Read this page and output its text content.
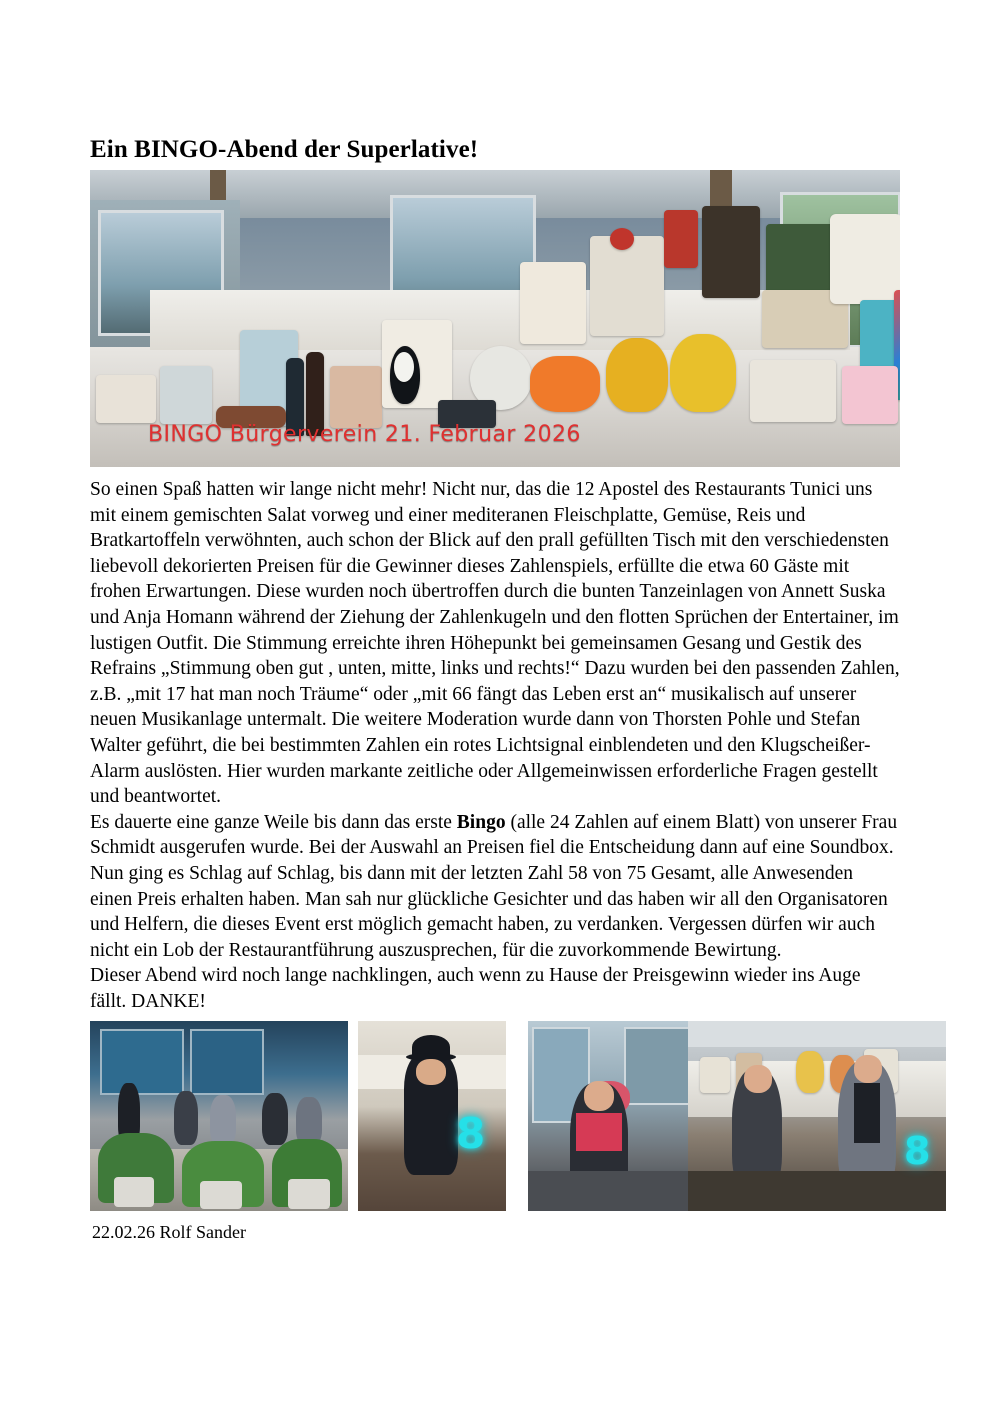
Ein BINGO-Abend der Superlative!
BINGO Bürgerverein 21. Februar 2026

So einen Spaß hatten wir lange nicht mehr! Nicht nur, das die 12 Apostel des Restaurants Tunici uns mit einem gemischten Salat vorweg und einer mediteranen Fleischplatte, Gemüse, Reis und Bratkartoffeln verwöhnten, auch schon der Blick auf den prall gefüllten Tisch mit den verschiedensten liebevoll dekorierten Preisen für die Gewinner dieses Zahlenspiels, erfüllte die etwa 60 Gäste mit frohen Erwartungen. Diese wurden noch übertroffen durch die bunten Tanzeinlagen von Annett Suska und Anja Homann während der Ziehung der Zahlenkugeln und den flotten Sprüchen der Entertainer, im lustigen Outfit. Die Stimmung erreichte ihren Höhepunkt bei gemeinsamen Gesang und Gestik des Refrains „Stimmung oben gut , unten, mitte, links und rechts!“ Dazu wurden bei den passenden Zahlen, z.B. „mit 17 hat man noch Träume“ oder „mit 66 fängt das Leben erst an“ musikalisch auf unserer neuen Musikanlage untermalt. Die weitere Moderation wurde dann von Thorsten Pohle und Stefan Walter geführt, die bei bestimmten Zahlen ein rotes Lichtsignal einblendeten und den Klugscheißer-Alarm auslösten. Hier wurden markante zeitliche oder Allgemeinwissen erforderliche Fragen gestellt und beantwortet.

Es dauerte eine ganze Weile bis dann das erste Bingo (alle 24 Zahlen auf einem Blatt) von unserer Frau Schmidt ausgerufen wurde. Bei der Auswahl an Preisen fiel die Entscheidung dann auf eine Soundbox.

Nun ging es Schlag auf Schlag, bis dann mit der letzten Zahl 58 von 75 Gesamt, alle Anwesenden einen Preis erhalten haben. Man sah nur glückliche Gesichter und das haben wir all den Organisatoren und Helfern, die dieses Event erst möglich gemacht haben, zu verdanken. Vergessen dürfen wir auch nicht ein Lob der Restaurantführung auszusprechen, für die zuvorkommende Bewirtung.

Dieser Abend wird noch lange nachklingen, auch wenn zu Hause der Preisgewinn wieder ins Auge fällt. DANKE!

8	8
22.02.26 Rolf Sander
